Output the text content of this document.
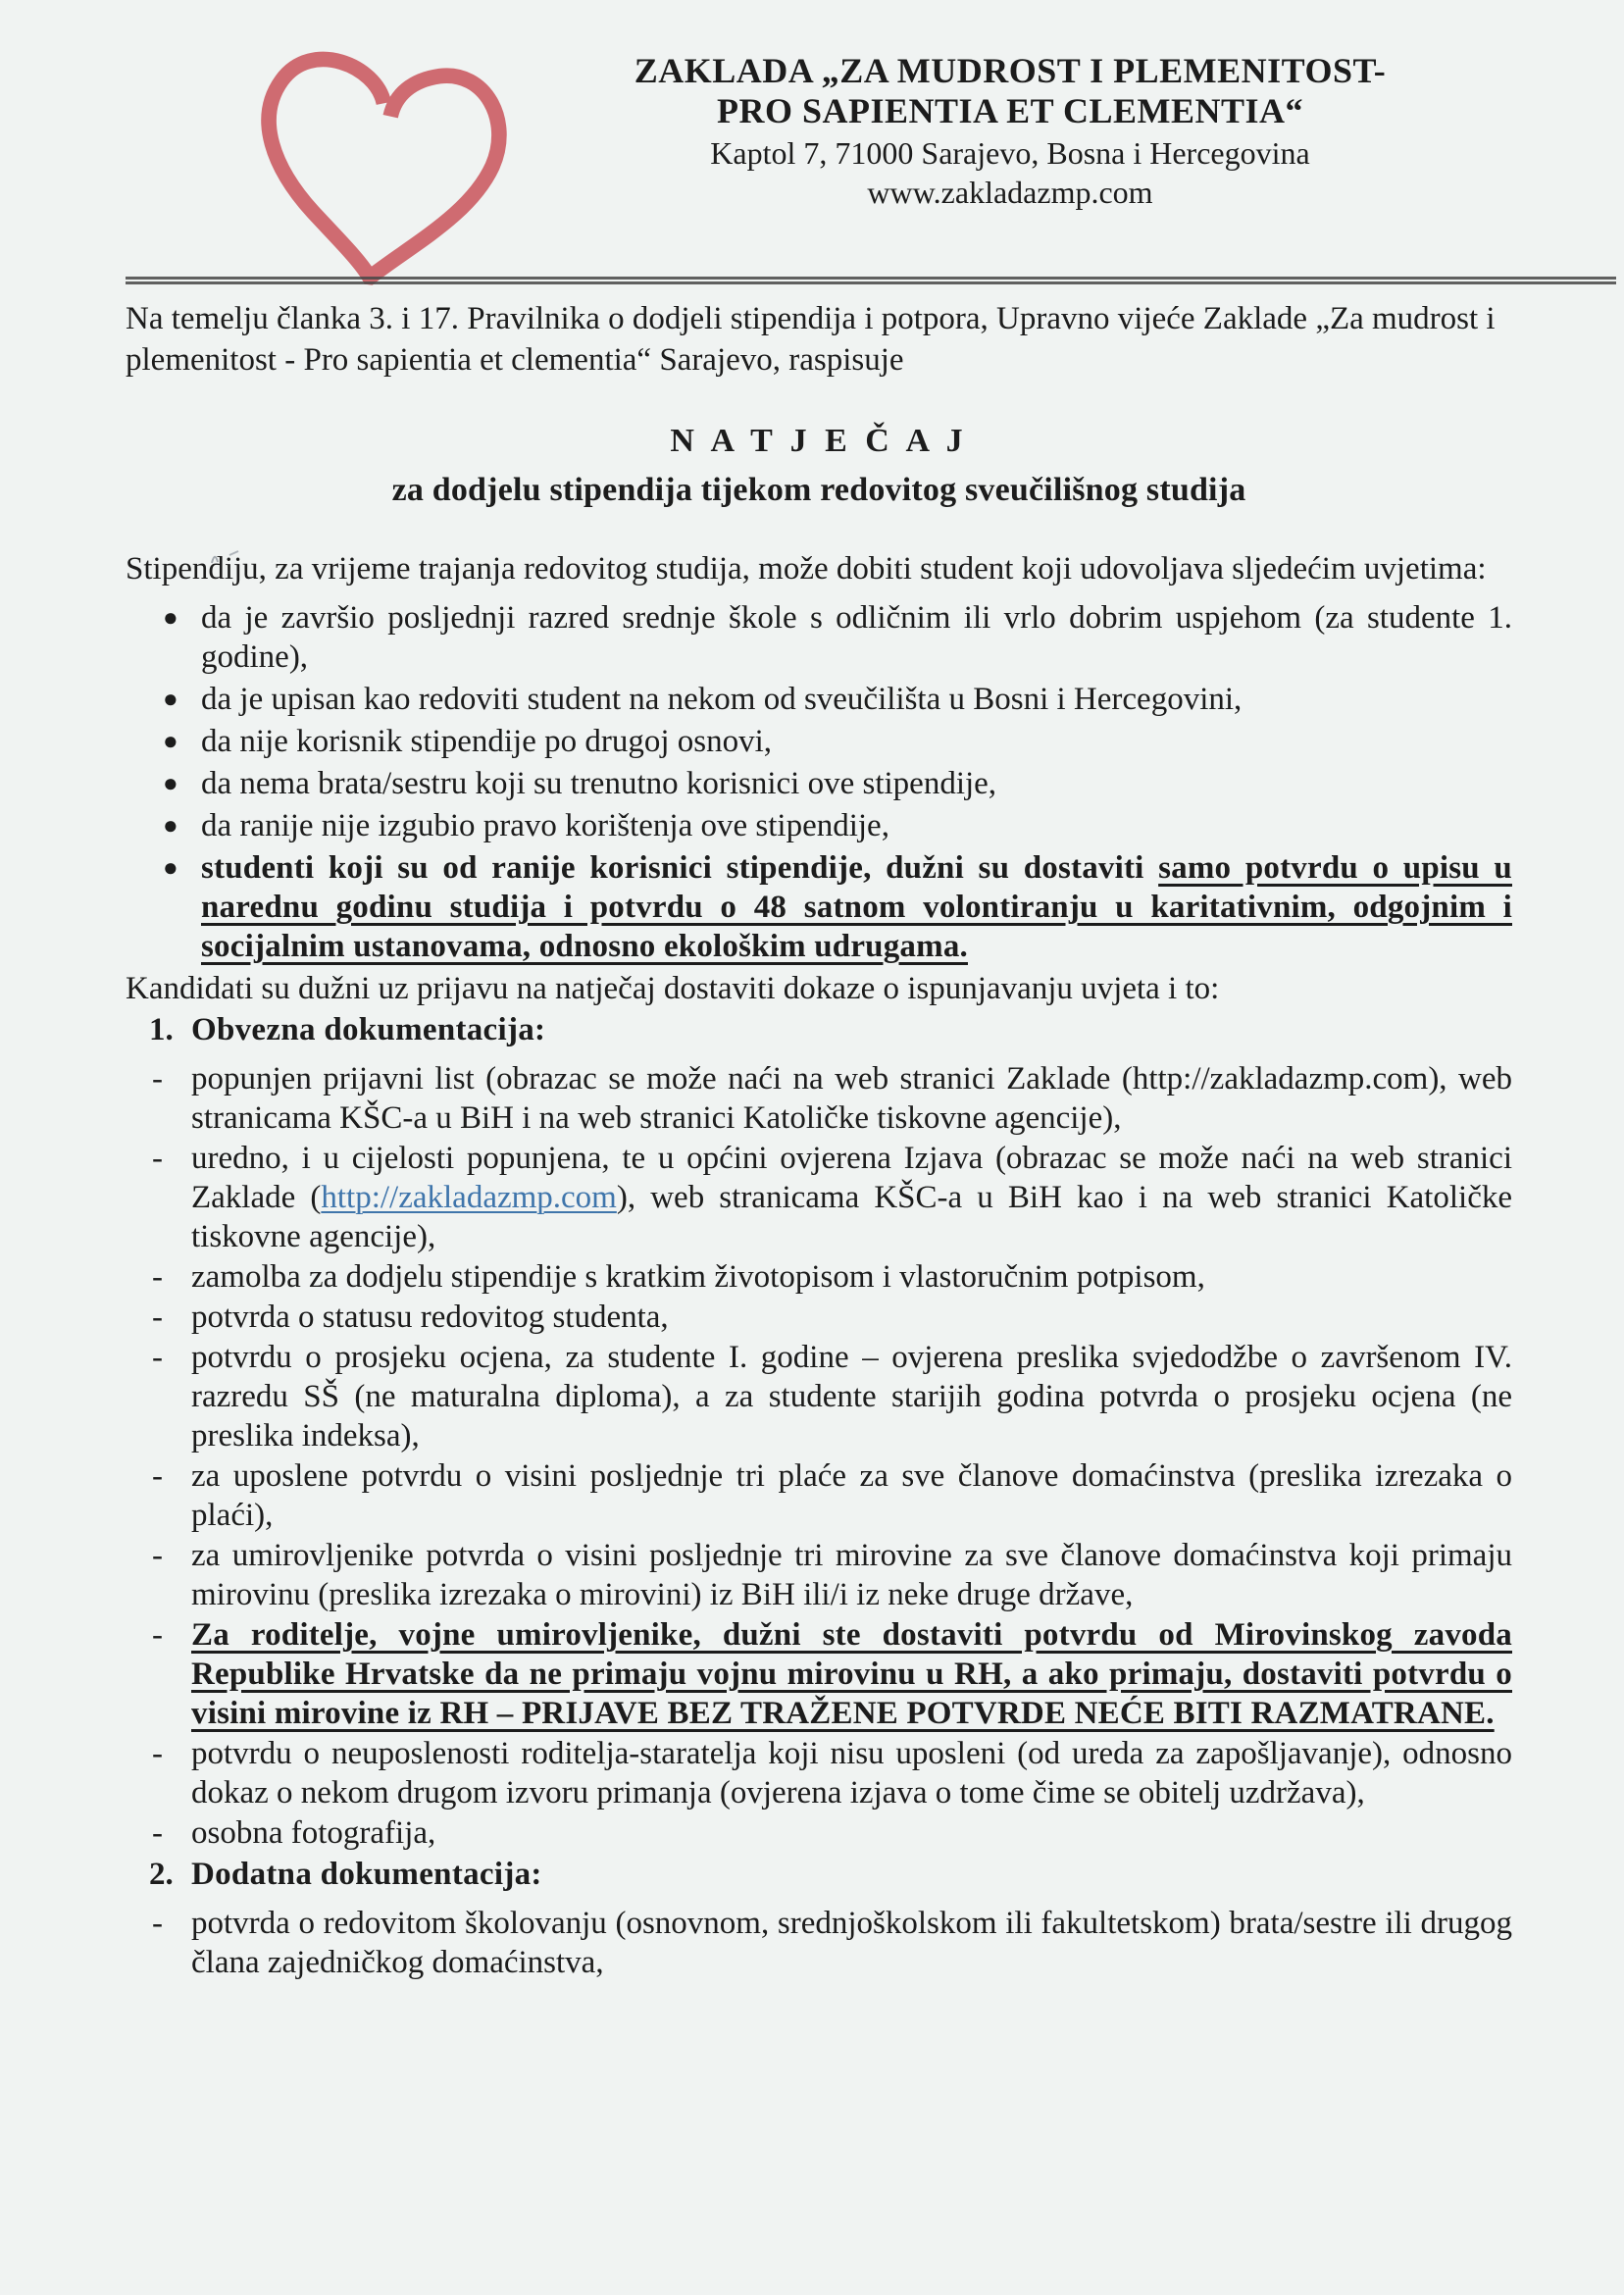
ZAKLADA „ZA MUDROST I PLEMENITOST-
PRO SAPIENTIA ET CLEMENTIA“
Kaptol 7, 71000 Sarajevo, Bosna i Hercegovina
www.zakladazmp.com

Na temelju članka 3. i 17. Pravilnika o dodjeli stipendija i potpora, Upravno vijeće Zaklade „Za mudrost i plemenitost - Pro sapientia et clementia“ Sarajevo, raspisuje

N A T J E Č A J
za dodjelu stipendija tijekom redovitog sveučilišnog studija

Stipendiju, za vrijeme trajanja redovitog studija, može dobiti student koji udovoljava sljedećim uvjetima:

● da je završio posljednji razred srednje škole s odličnim ili vrlo dobrim uspjehom (za studente 1. godine),
● da je upisan kao redoviti student na nekom od sveučilišta u Bosni i Hercegovini,
● da nije korisnik stipendije po drugoj osnovi,
● da nema brata/sestru koji su trenutno korisnici ove stipendije,
● da ranije nije izgubio pravo korištenja ove stipendije,
● studenti koji su od ranije korisnici stipendije, dužni su dostaviti samo potvrdu o upisu u narednu godinu studija i potvrdu o 48 satnom volontiranju u karitativnim, odgojnim i socijalnim ustanovama, odnosno ekološkim udrugama.

Kandidati su dužni uz prijavu na natječaj dostaviti dokaze o ispunjavanju uvjeta i to:

1. Obvezna dokumentacija:
- popunjen prijavni list (obrazac se može naći na web stranici Zaklade (http://zakladazmp.com), web stranicama KŠC-a u BiH i na web stranici Katoličke tiskovne agencije),
- uredno, i u cijelosti popunjena, te u općini ovjerena Izjava (obrazac se može naći na web stranici Zaklade (http://zakladazmp.com), web stranicama KŠC-a u BiH kao i na web stranici Katoličke tiskovne agencije),
- zamolba za dodjelu stipendije s kratkim životopisom i vlastoručnim potpisom,
- potvrda o statusu redovitog studenta,
- potvrdu o prosjeku ocjena, za studente I. godine – ovjerena preslika svjedodžbe o završenom IV. razredu SŠ (ne maturalna diploma), a za studente starijih godina potvrda o prosjeku ocjena (ne preslika indeksa),
- za uposlene potvrdu o visini posljednje tri plaće za sve članove domaćinstva (preslika izrezaka o plaći),
- za umirovljenike potvrda o visini posljednje tri mirovine za sve članove domaćinstva koji primaju mirovinu (preslika izrezaka o mirovini) iz BiH ili/i iz neke druge države,
- Za roditelje, vojne umirovljenike, dužni ste dostaviti potvrdu od Mirovinskog zavoda Republike Hrvatske da ne primaju vojnu mirovinu u RH, a ako primaju, dostaviti potvrdu o visini mirovine iz RH – PRIJAVE BEZ TRAŽENE POTVRDE NEĆE BITI RAZMATRANE.
- potvrdu o neuposlenosti roditelja-staratelja koji nisu uposleni (od ureda za zapošljavanje), odnosno dokaz o nekom drugom izvoru primanja (ovjerena izjava o tome čime se obitelj uzdržava),
- osobna fotografija,
2. Dodatna dokumentacija:
- potvrda o redovitom školovanju (osnovnom, srednjoškolskom ili fakultetskom) brata/sestre ili drugog člana zajedničkog domaćinstva,
